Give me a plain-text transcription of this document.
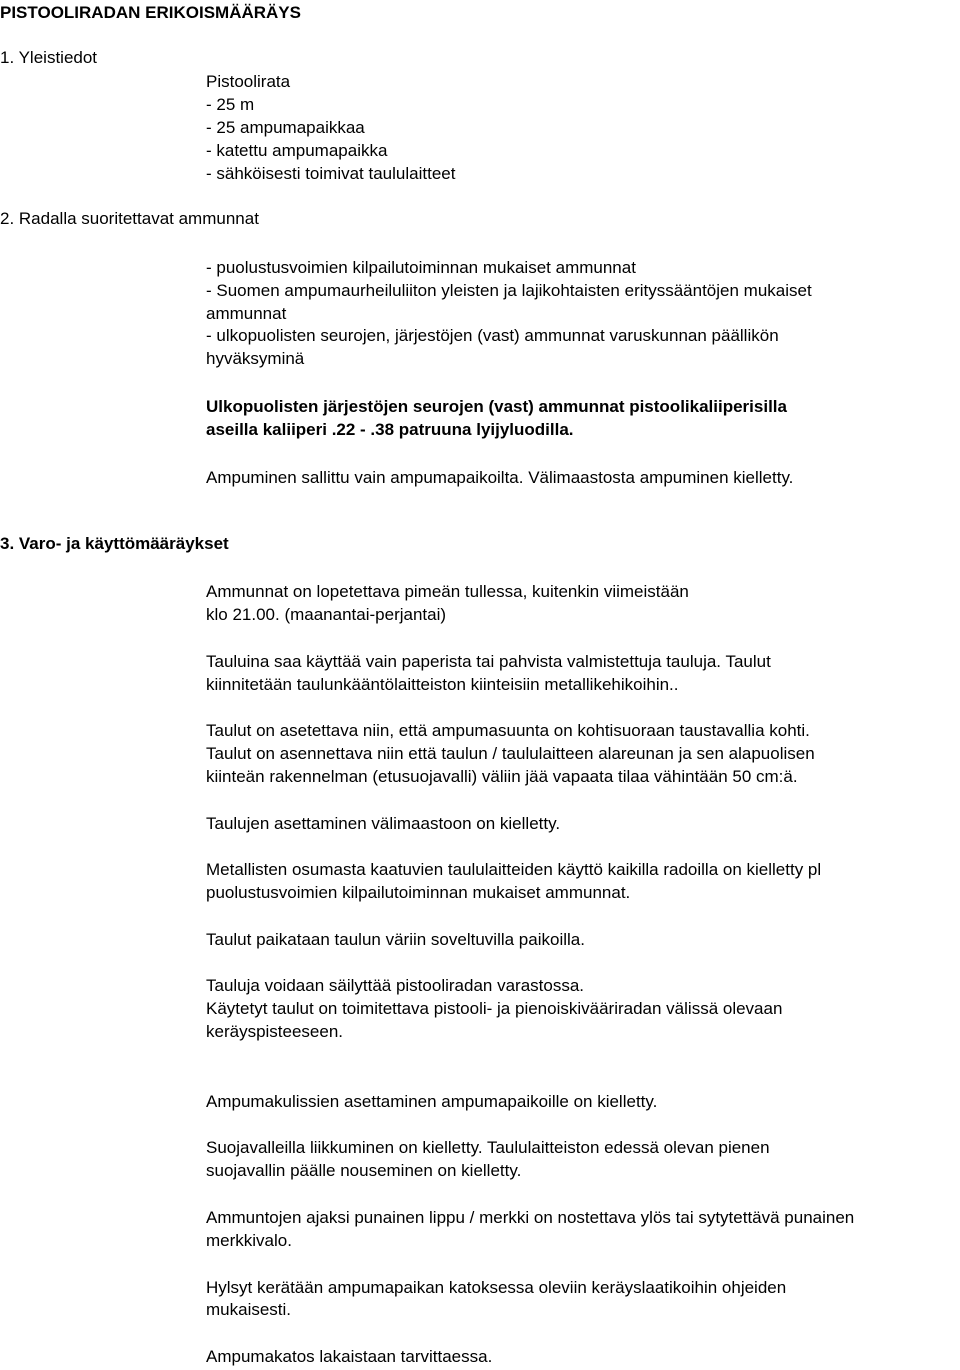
PISTOOLIRADAN ERIKOISMÄÄRÄYS

1. Yleistiedot

Pistoolirata

- 25 m

- 25 ampumapaikkaa

- katettu ampumapaikka

- sähköisesti toimivat taululaitteet

2. Radalla suoritettavat ammunnat

- puolustusvoimien kilpailutoiminnan mukaiset ammunnat

- Suomen ampumaurheiluliiton yleisten ja lajikohtaisten erityssääntöjen mukaiset

ammunnat

- ulkopuolisten seurojen, järjestöjen (vast) ammunnat varuskunnan päällikön

hyväksyminä

Ulkopuolisten järjestöjen seurojen (vast) ammunnat pistoolikaliiperisilla

aseilla kaliiperi .22 - .38 patruuna lyijyluodilla.

Ampuminen sallittu vain ampumapaikoilta. Välimaastosta ampuminen kielletty.

3. Varo- ja käyttömääräykset

Ammunnat on lopetettava pimeän tullessa, kuitenkin viimeistään

klo 21.00. (maanantai-perjantai)

Tauluina saa käyttää vain paperista tai pahvista valmistettuja tauluja. Taulut

kiinnitetään taulunkääntölaitteiston kiinteisiin metallikehikoihin..

Taulut on asetettava niin, että ampumasuunta on kohtisuoraan taustavallia kohti.

Taulut on asennettava niin että taulun / taululaitteen alareunan ja sen alapuolisen

kiinteän rakennelman (etusuojavalli) väliin jää vapaata tilaa vähintään 50 cm:ä.

Taulujen asettaminen välimaastoon on kielletty.

Metallisten osumasta kaatuvien taululaitteiden käyttö kaikilla radoilla on kielletty pl

puolustusvoimien kilpailutoiminnan mukaiset ammunnat.

Taulut paikataan taulun väriin soveltuvilla paikoilla.

Tauluja voidaan säilyttää pistooliradan varastossa.

Käytetyt taulut on toimitettava pistooli- ja pienoiskivääriradan välissä olevaan

keräyspisteeseen.

Ampumakulissien asettaminen ampumapaikoille on kielletty.

Suojavalleilla liikkuminen on kielletty. Taululaitteiston edessä olevan pienen

suojavallin päälle nouseminen on kielletty.

Ammuntojen ajaksi punainen lippu / merkki on nostettava ylös tai sytytettävä punainen

merkkivalo.

Hylsyt kerätään ampumapaikan katoksessa oleviin keräyslaatikoihin ohjeiden

mukaisesti.

Ampumakatos lakaistaan tarvittaessa.
